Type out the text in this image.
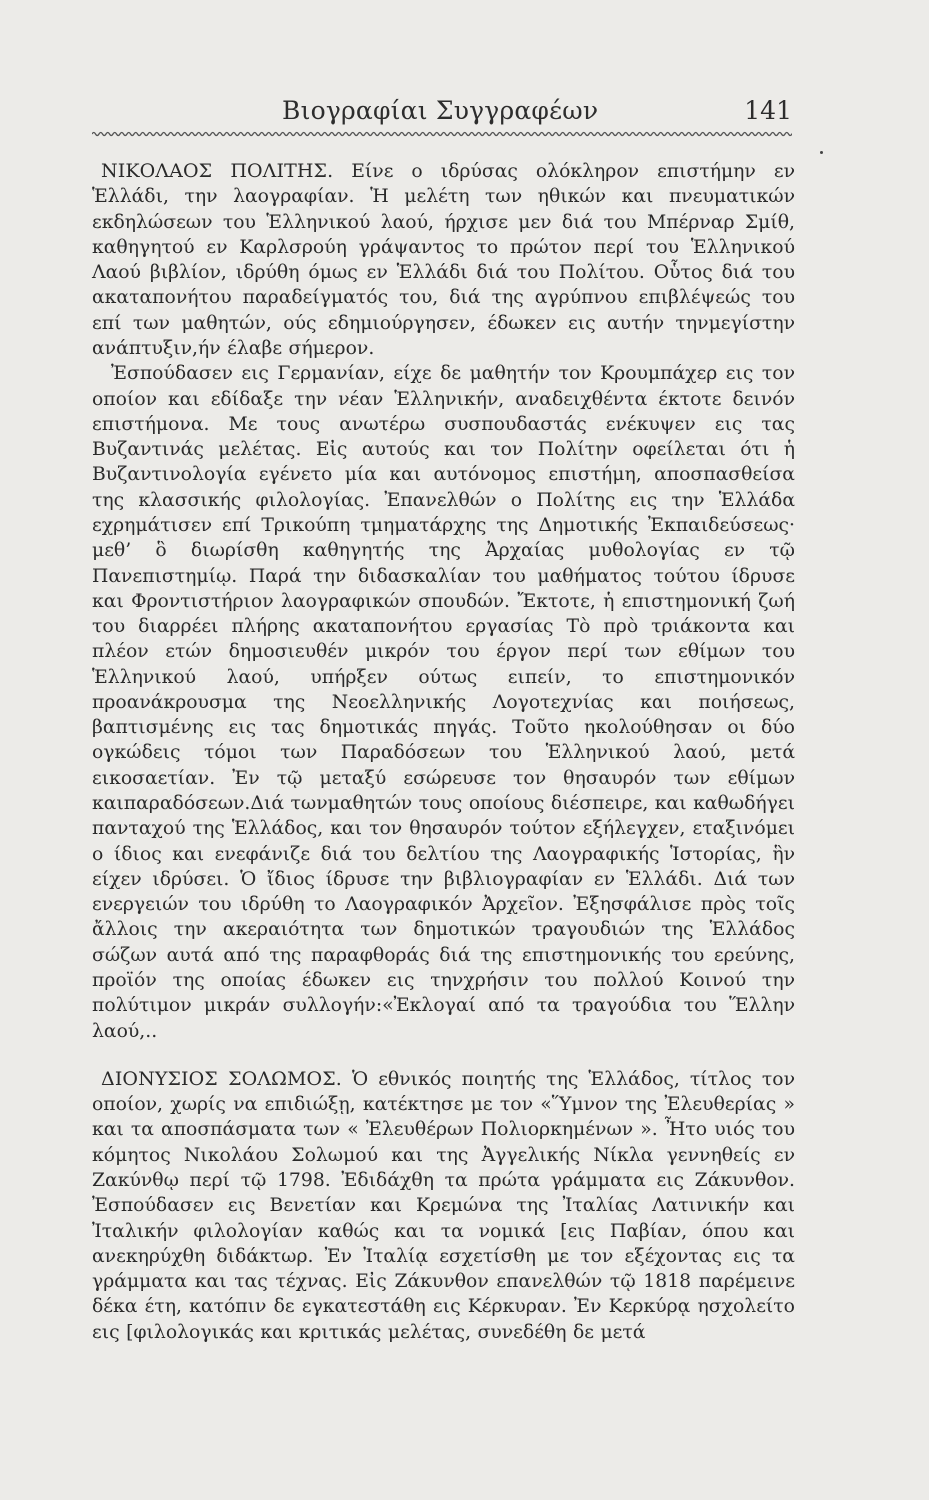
Βιογραφίαι Συγγραφέων	141

ΝΙΚΟΛΑΟΣ ΠΟΛΙΤΗΣ. Είνε ο ιδρύσας ολόκληρον επιστήμην εν Ἑλλάδι, την λαογραφίαν. Ἡ μελέτη των ηθικών και πνευματικών εκδηλώσεων του Ἑλληνικού λαού, ήρχισε μεν διά του Μπέρναρ Σμίθ, καθηγητού εν Καρλσρούη γράψαντος το πρώτον περί του Ἑλληνικού Λαού βιβλίον, ιδρύθη όμως εν Ἑλλάδι διά του Πολίτου. Οὗτος διά του ακαταπονήτου παραδείγματός του, διά της αγρύπνου επιβλέψεώς του επί των μαθητών, ούς εδημιούργησεν, έδωκεν εις αυτήν τηνμεγίστην ανάπτυξιν,ήν έλαβε σήμερον.

Ἐσπούδασεν εις Γερμανίαν, είχε δε μαθητήν τον Κρουμπάχερ εις τον οποίον και εδίδαξε την νέαν Ἑλληνικήν, αναδειχθέντα έκτοτε δεινόν επιστήμονα. Με τους ανωτέρω συσπουδαστάς ενέκυψεν εις τας Βυζαντινάς μελέτας. Εἰς αυτούς και τον Πολίτην οφείλεται ότι ἡ Βυζαντινολογία εγένετο μία και αυτόνομος επιστήμη, αποσπασθείσα της κλασσικής φιλολογίας. Ἐπανελθών ο Πολίτης εις την Ἑλλάδα εχρημάτισεν επί Τρικούπη τμηματάρχης της Δημοτικής Ἐκπαιδεύσεως· μεθ’ ὃ διωρίσθη καθηγητής της Ἀρχαίας μυθολογίας εν τῷ Πανεπιστημίῳ. Παρά την διδασκαλίαν του μαθήματος τούτου ίδρυσε και Φροντιστήριον λαογραφικών σπουδών. Ἔκτοτε, ἡ επιστημονική ζωή του διαρρέει πλήρης ακαταπονήτου εργασίας Τὸ πρὸ τριάκοντα και πλέον ετών δημοσιευθέν μικρόν του έργον περί των εθίμων του Ἑλληνικού λαού, υπήρξεν ούτως ειπείν, το επιστημονικόν προανάκρουσμα της Νεοελληνικής Λογοτεχνίας και ποιήσεως, βαπτισμένης εις τας δημοτικάς πηγάς. Τοῦτο ηκολούθησαν οι δύο ογκώδεις τόμοι των Παραδόσεων του Ἑλληνικού λαού, μετά εικοσαετίαν. Ἐν τῷ μεταξύ εσώρευσε τον θησαυρόν των εθίμων καιπαραδόσεων.Διά τωνμαθητών τους οποίους διέσπειρε, και καθωδήγει πανταχού της Ἑλλάδος, και τον θησαυρόν τούτον εξήλεγχεν, εταξινόμει ο ίδιος και ενεφάνιζε διά του δελτίου της Λαογραφικής Ἱστορίας, ἣν είχεν ιδρύσει. Ὁ ἴδιος ίδρυσε την βιβλιογραφίαν εν Ἑλλάδι. Διά των ενεργειών του ιδρύθη το Λαογραφικόν Ἀρχεῖον. Ἐξησφάλισε πρὸς τοῖς ἄλλοις την ακεραιότητα των δημοτικών τραγουδιών της Ἑλλάδος σώζων αυτά από της παραφθοράς διά της επιστημονικής του ερεύνης, προϊόν της οποίας έδωκεν εις τηνχρήσιν του πολλού Κοινού την πολύτιμον μικράν συλλογήν:«Ἐκλογαί από τα τραγούδια του Ἕλλην λαού,..

ΔΙΟΝΥΣΙΟΣ ΣΟΛΩΜΟΣ. Ὁ εθνικός ποιητής της Ἑλλάδος, τίτλος τον οποίον, χωρίς να επιδιώξῃ, κατέκτησε με τον «Ὕμνον της Ἐλευθερίας » και τα αποσπάσματα των « Ἐλευθέρων Πολιορκημένων ». Ἦτο υιός του κόμητος Νικολάου Σολωμού και της Ἀγγελικής Νίκλα γεννηθείς εν Ζακύνθῳ περί τῷ 1798. Ἐδιδάχθη τα πρώτα γράμματα εις Ζάκυνθον. Ἐσπούδασεν εις Βενετίαν και Κρεμώνα της Ἰταλίας Λατινικήν και Ἰταλικήν φιλολογίαν καθώς και τα νομικά [εις Παβίαν, όπου και ανεκηρύχθη διδάκτωρ. Ἐν Ἰταλίᾳ εσχετίσθη με τον εξέχοντας εις τα γράμματα και τας τέχνας. Εἰς Ζάκυνθον επανελθών τῷ 1818 παρέμεινε δέκα έτη, κατόπιν δε εγκατεστάθη εις Κέρκυραν. Ἐν Κερκύρᾳ ησχολείτο εις [φιλολογικάς και κριτικάς μελέτας, συνεδέθη δε μετά
